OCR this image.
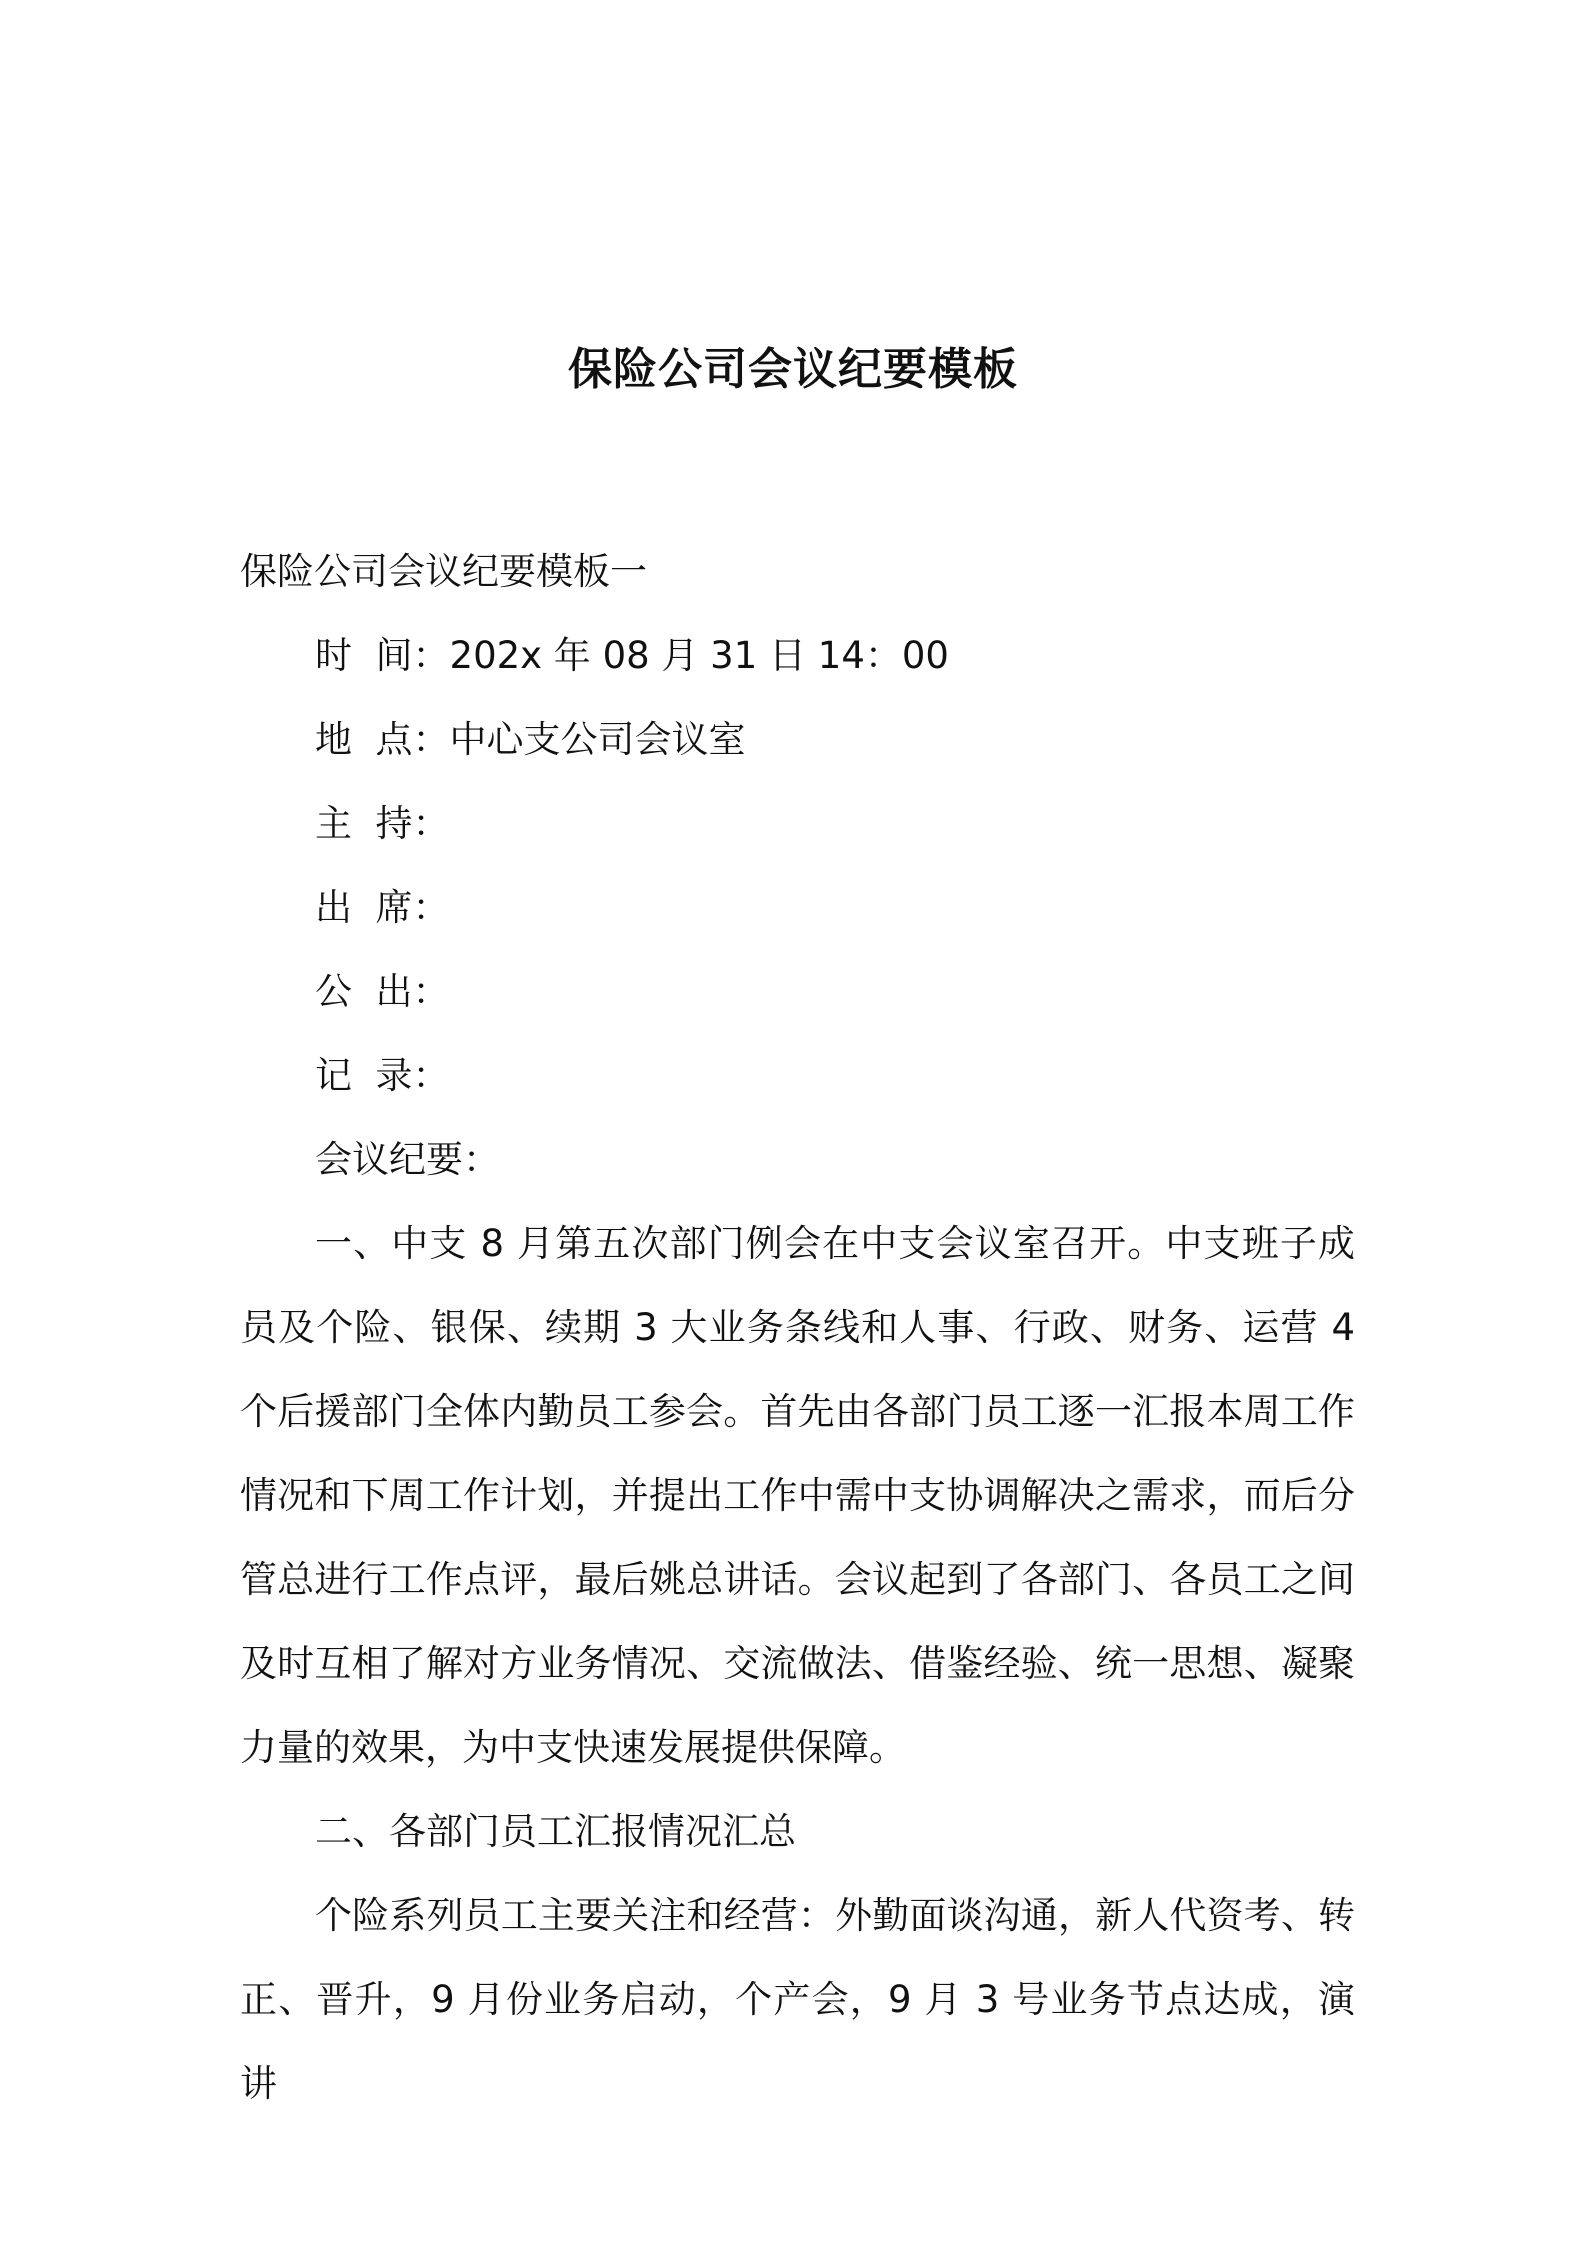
保险公司会议纪要模板

保险公司会议纪要模板一

时  间：202x 年 08 月 31 日 14：00

地  点：中心支公司会议室

主  持：

出  席：

公  出：

记  录：

会议纪要：

一、中支 8 月第五次部门例会在中支会议室召开。中支班子成员及个险、银保、续期 3 大业务条线和人事、行政、财务、运营 4 个后援部门全体内勤员工参会。首先由各部门员工逐一汇报本周工作情况和下周工作计划，并提出工作中需中支协调解决之需求，而后分管总进行工作点评，最后姚总讲话。会议起到了各部门、各员工之间及时互相了解对方业务情况、交流做法、借鉴经验、统一思想、凝聚力量的效果，为中支快速发展提供保障。

二、各部门员工汇报情况汇总

个险系列员工主要关注和经营：外勤面谈沟通，新人代资考、转正、晋升，9 月份业务启动，个产会，9 月 3 号业务节点达成，演讲
